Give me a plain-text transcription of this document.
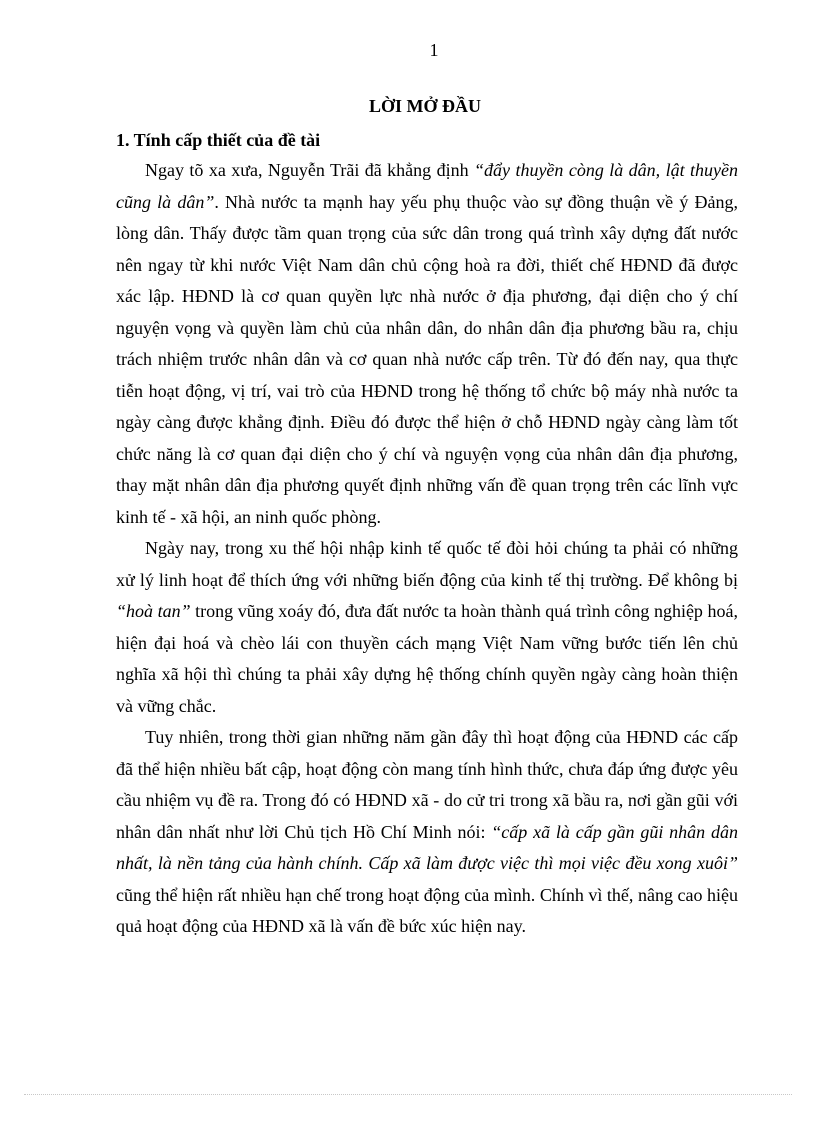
1
LỜI MỞ ĐẦU
1. Tính cấp thiết của đề tài

Ngay tõ xa xưa, Nguyễn Trãi đã khẳng định “đẩy thuyền còng là dân, lật thuyền cũng là dân”. Nhà nước ta mạnh hay yếu phụ thuộc vào sự đồng thuận về ý Đảng, lòng dân. Thấy được tầm quan trọng của sức dân trong quá trình xây dựng đất nước nên ngay từ khi nước Việt Nam dân chủ cộng hoà ra đời, thiết chế HĐND đã được xác lập. HĐND là cơ quan quyền lực nhà nước ở địa phương, đại diện cho ý chí nguyện vọng và quyền làm chủ của nhân dân, do nhân dân địa phương bầu ra, chịu trách nhiệm trước nhân dân và cơ quan nhà nước cấp trên. Từ đó đến nay, qua thực tiễn hoạt động, vị trí, vai trò của HĐND trong hệ thống tổ chức bộ máy nhà nước ta ngày càng được khẳng định. Điều đó được thể hiện ở chỗ HĐND ngày càng làm tốt chức năng là cơ quan đại diện cho ý chí và nguyện vọng của nhân dân địa phương, thay mặt nhân dân địa phương quyết định những vấn đề quan trọng trên các lĩnh vực kinh tế - xã hội, an ninh quốc phòng.

Ngày nay, trong xu thế hội nhập kinh tế quốc tế đòi hỏi chúng ta phải có những xử lý linh hoạt để thích ứng với những biến động của kinh tế thị trường. Để không bị “hoà tan” trong vũng xoáy đó, đưa đất nước ta hoàn thành quá trình công nghiệp hoá, hiện đại hoá và chèo lái con thuyền cách mạng Việt Nam vững bước tiến lên chủ nghĩa xã hội thì chúng ta phải xây dựng hệ thống chính quyền ngày càng hoàn thiện và vững chắc.

Tuy nhiên, trong thời gian những năm gần đây thì hoạt động của HĐND các cấp đã thể hiện nhiều bất cập, hoạt động còn mang tính hình thức, chưa đáp ứng được yêu cầu nhiệm vụ đề ra. Trong đó có HĐND xã - do cử tri trong xã bầu ra, nơi gần gũi với nhân dân nhất như lời Chủ tịch Hồ Chí Minh nói: “cấp xã là cấp gần gũi nhân dân nhất, là nền tảng của hành chính. Cấp xã làm được việc thì mọi việc đều xong xuôi” cũng thể hiện rất nhiều hạn chế trong hoạt động của mình. Chính vì thế, nâng cao hiệu quả hoạt động của HĐND xã là vấn đề bức xúc hiện nay.
